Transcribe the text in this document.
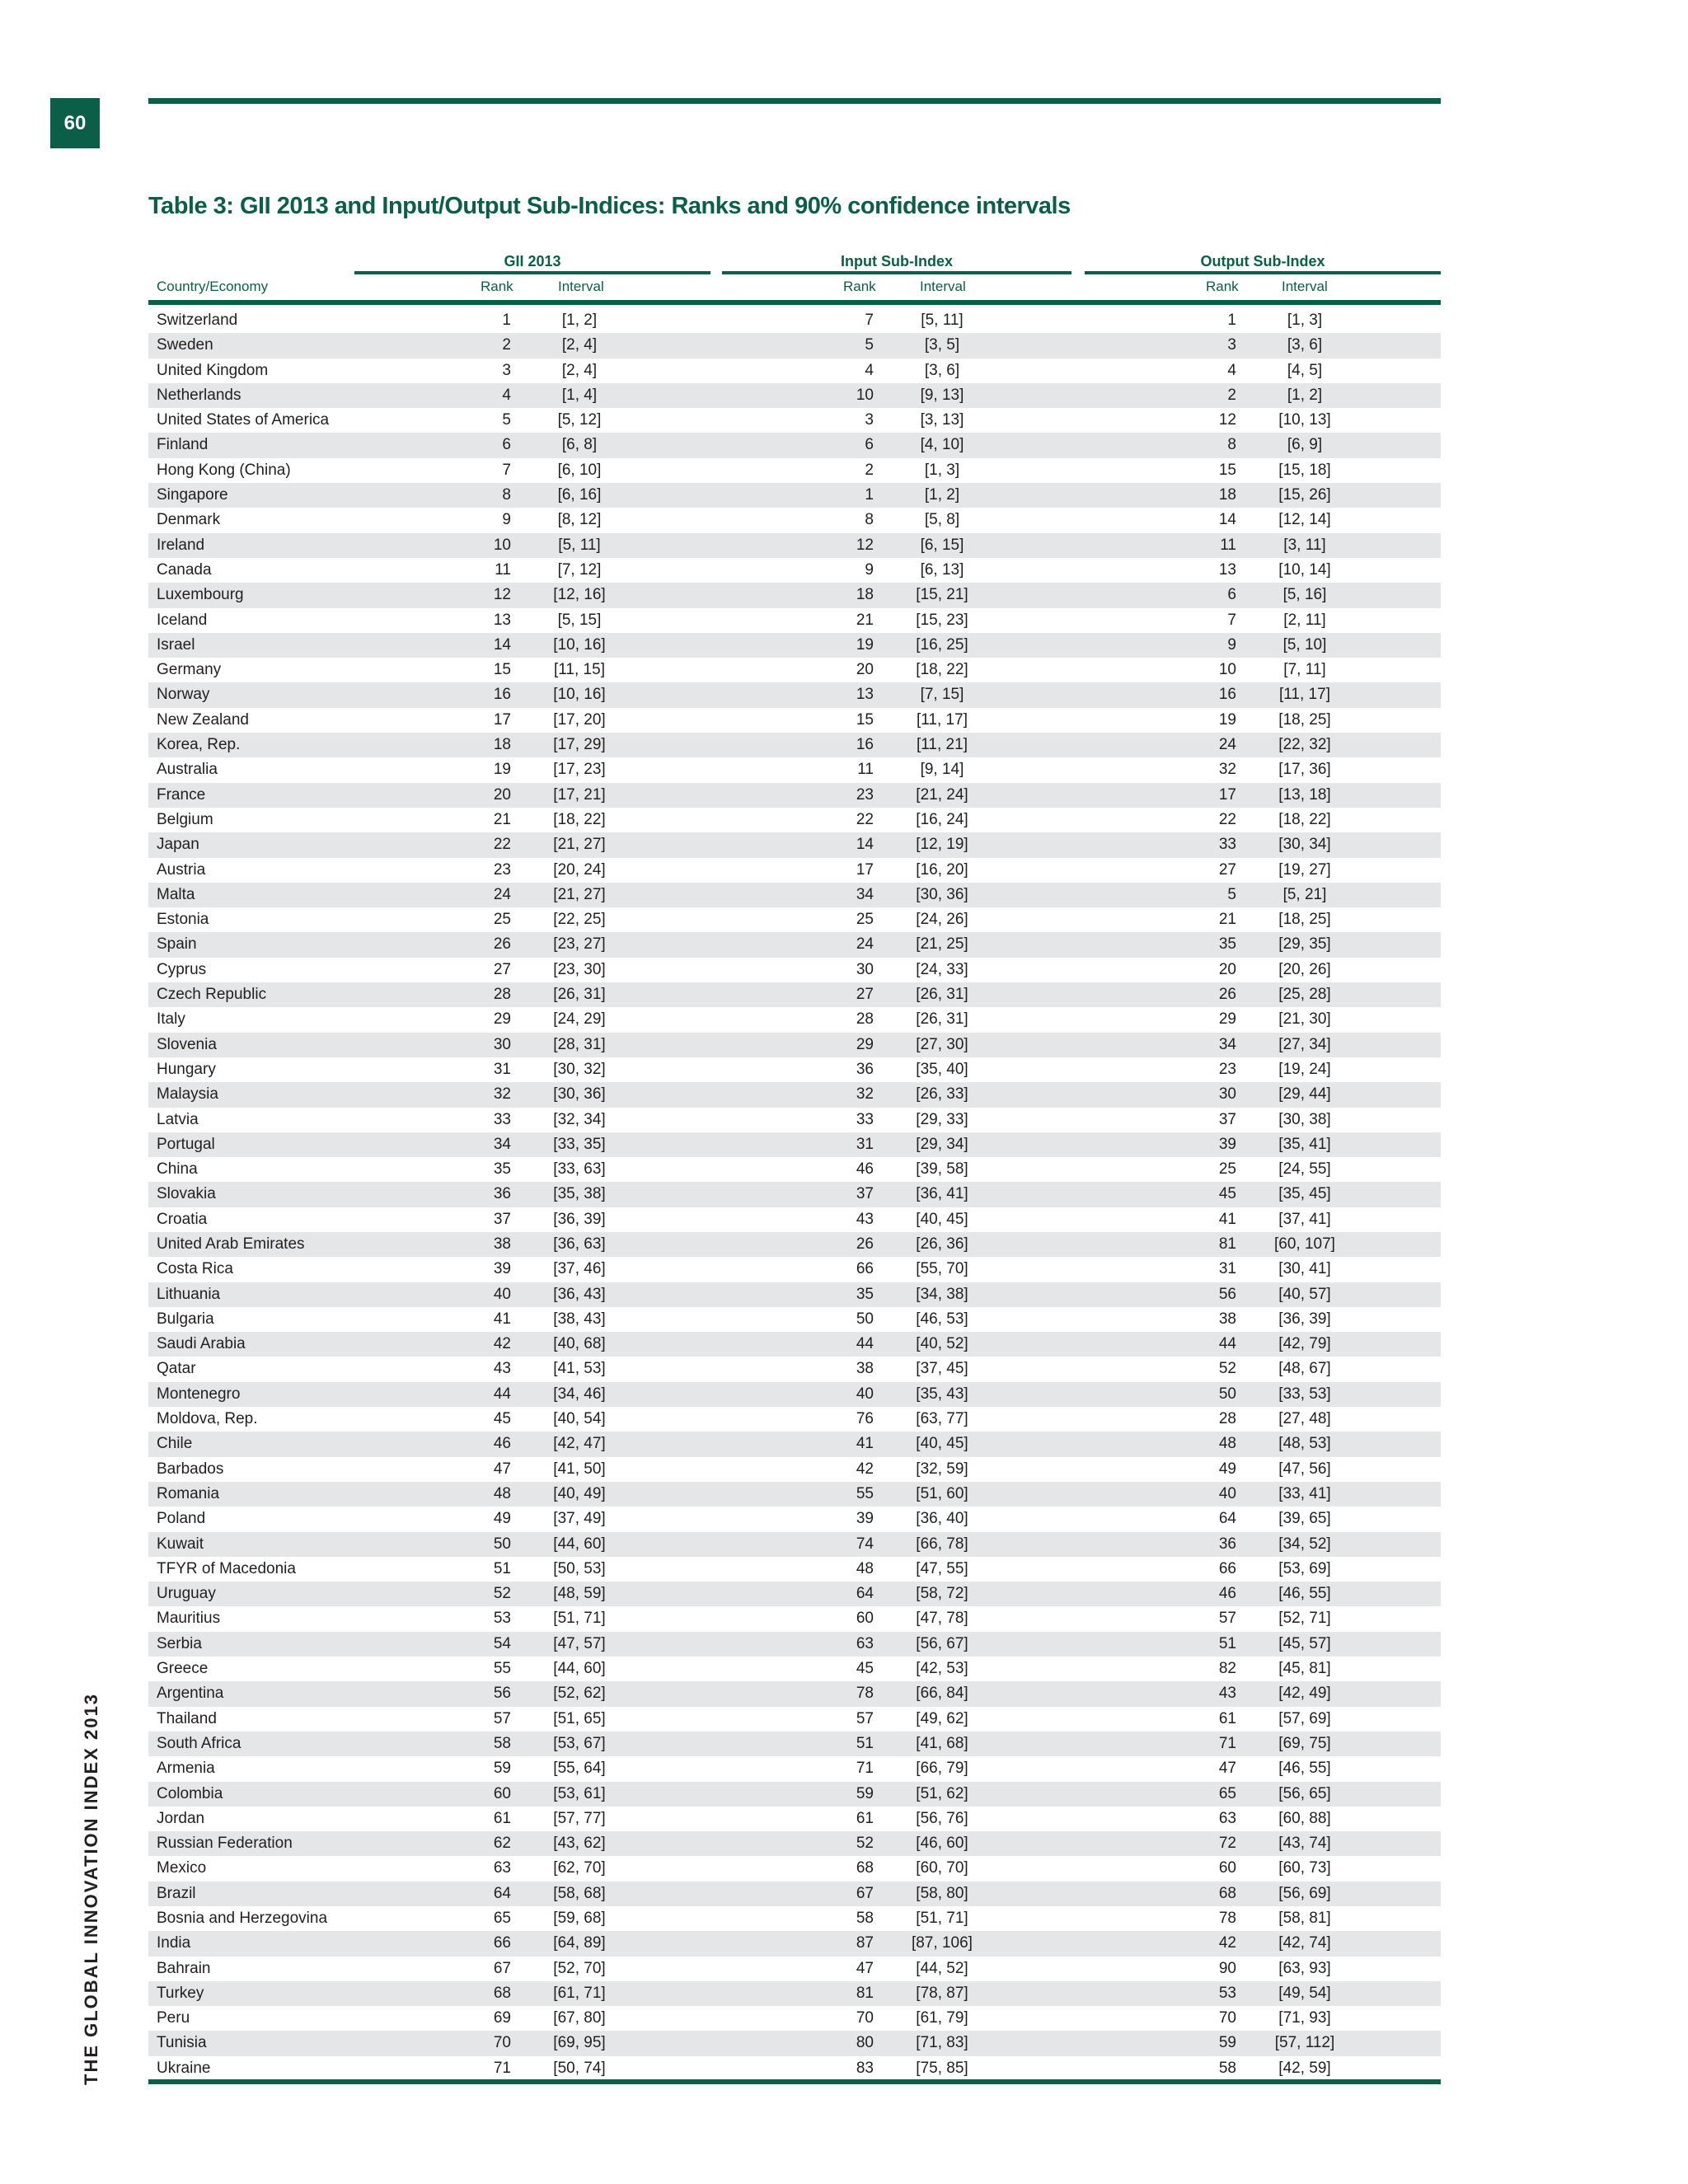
60
THE GLOBAL INNOVATION INDEX 2013
Table 3: GII 2013 and Input/Output Sub-Indices: Ranks and 90% confidence intervals
GII 2013	Input Sub-Index	Output Sub-Index
Country/Economy	Rank	Interval	Rank	Interval	Rank	Interval
Switzerland	1	[1, 2]	7	[5, 11]	1	[1, 3]
Sweden	2	[2, 4]	5	[3, 5]	3	[3, 6]
United Kingdom	3	[2, 4]	4	[3, 6]	4	[4, 5]
Netherlands	4	[1, 4]	10	[9, 13]	2	[1, 2]
United States of America	5	[5, 12]	3	[3, 13]	12	[10, 13]
Finland	6	[6, 8]	6	[4, 10]	8	[6, 9]
Hong Kong (China)	7	[6, 10]	2	[1, 3]	15	[15, 18]
Singapore	8	[6, 16]	1	[1, 2]	18	[15, 26]
Denmark	9	[8, 12]	8	[5, 8]	14	[12, 14]
Ireland	10	[5, 11]	12	[6, 15]	11	[3, 11]
Canada	11	[7, 12]	9	[6, 13]	13	[10, 14]
Luxembourg	12	[12, 16]	18	[15, 21]	6	[5, 16]
Iceland	13	[5, 15]	21	[15, 23]	7	[2, 11]
Israel	14	[10, 16]	19	[16, 25]	9	[5, 10]
Germany	15	[11, 15]	20	[18, 22]	10	[7, 11]
Norway	16	[10, 16]	13	[7, 15]	16	[11, 17]
New Zealand	17	[17, 20]	15	[11, 17]	19	[18, 25]
Korea, Rep.	18	[17, 29]	16	[11, 21]	24	[22, 32]
Australia	19	[17, 23]	11	[9, 14]	32	[17, 36]
France	20	[17, 21]	23	[21, 24]	17	[13, 18]
Belgium	21	[18, 22]	22	[16, 24]	22	[18, 22]
Japan	22	[21, 27]	14	[12, 19]	33	[30, 34]
Austria	23	[20, 24]	17	[16, 20]	27	[19, 27]
Malta	24	[21, 27]	34	[30, 36]	5	[5, 21]
Estonia	25	[22, 25]	25	[24, 26]	21	[18, 25]
Spain	26	[23, 27]	24	[21, 25]	35	[29, 35]
Cyprus	27	[23, 30]	30	[24, 33]	20	[20, 26]
Czech Republic	28	[26, 31]	27	[26, 31]	26	[25, 28]
Italy	29	[24, 29]	28	[26, 31]	29	[21, 30]
Slovenia	30	[28, 31]	29	[27, 30]	34	[27, 34]
Hungary	31	[30, 32]	36	[35, 40]	23	[19, 24]
Malaysia	32	[30, 36]	32	[26, 33]	30	[29, 44]
Latvia	33	[32, 34]	33	[29, 33]	37	[30, 38]
Portugal	34	[33, 35]	31	[29, 34]	39	[35, 41]
China	35	[33, 63]	46	[39, 58]	25	[24, 55]
Slovakia	36	[35, 38]	37	[36, 41]	45	[35, 45]
Croatia	37	[36, 39]	43	[40, 45]	41	[37, 41]
United Arab Emirates	38	[36, 63]	26	[26, 36]	81	[60, 107]
Costa Rica	39	[37, 46]	66	[55, 70]	31	[30, 41]
Lithuania	40	[36, 43]	35	[34, 38]	56	[40, 57]
Bulgaria	41	[38, 43]	50	[46, 53]	38	[36, 39]
Saudi Arabia	42	[40, 68]	44	[40, 52]	44	[42, 79]
Qatar	43	[41, 53]	38	[37, 45]	52	[48, 67]
Montenegro	44	[34, 46]	40	[35, 43]	50	[33, 53]
Moldova, Rep.	45	[40, 54]	76	[63, 77]	28	[27, 48]
Chile	46	[42, 47]	41	[40, 45]	48	[48, 53]
Barbados	47	[41, 50]	42	[32, 59]	49	[47, 56]
Romania	48	[40, 49]	55	[51, 60]	40	[33, 41]
Poland	49	[37, 49]	39	[36, 40]	64	[39, 65]
Kuwait	50	[44, 60]	74	[66, 78]	36	[34, 52]
TFYR of Macedonia	51	[50, 53]	48	[47, 55]	66	[53, 69]
Uruguay	52	[48, 59]	64	[58, 72]	46	[46, 55]
Mauritius	53	[51, 71]	60	[47, 78]	57	[52, 71]
Serbia	54	[47, 57]	63	[56, 67]	51	[45, 57]
Greece	55	[44, 60]	45	[42, 53]	82	[45, 81]
Argentina	56	[52, 62]	78	[66, 84]	43	[42, 49]
Thailand	57	[51, 65]	57	[49, 62]	61	[57, 69]
South Africa	58	[53, 67]	51	[41, 68]	71	[69, 75]
Armenia	59	[55, 64]	71	[66, 79]	47	[46, 55]
Colombia	60	[53, 61]	59	[51, 62]	65	[56, 65]
Jordan	61	[57, 77]	61	[56, 76]	63	[60, 88]
Russian Federation	62	[43, 62]	52	[46, 60]	72	[43, 74]
Mexico	63	[62, 70]	68	[60, 70]	60	[60, 73]
Brazil	64	[58, 68]	67	[58, 80]	68	[56, 69]
Bosnia and Herzegovina	65	[59, 68]	58	[51, 71]	78	[58, 81]
India	66	[64, 89]	87	[87, 106]	42	[42, 74]
Bahrain	67	[52, 70]	47	[44, 52]	90	[63, 93]
Turkey	68	[61, 71]	81	[78, 87]	53	[49, 54]
Peru	69	[67, 80]	70	[61, 79]	70	[71, 93]
Tunisia	70	[69, 95]	80	[71, 83]	59	[57, 112]
Ukraine	71	[50, 74]	83	[75, 85]	58	[42, 59]
